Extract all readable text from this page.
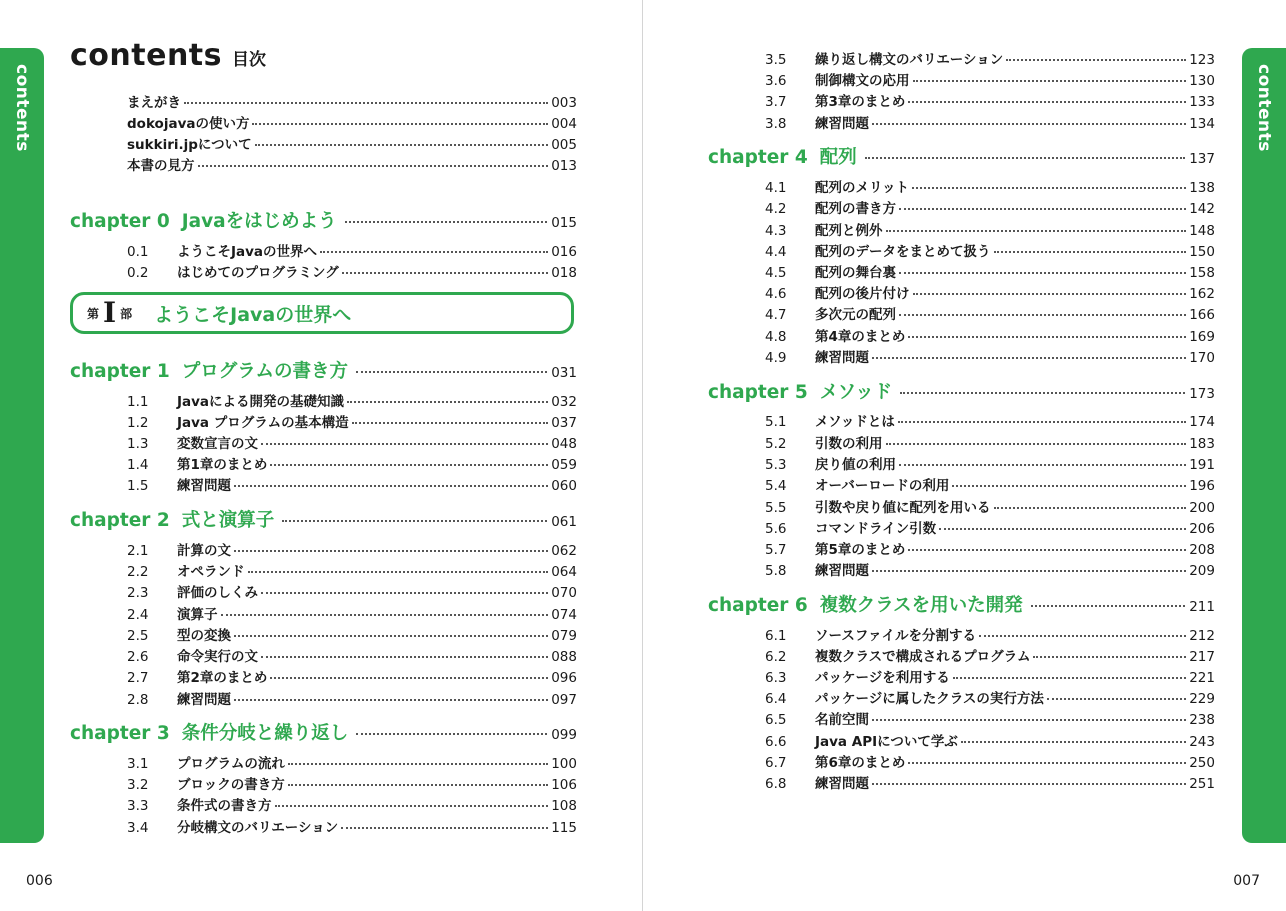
contents
contents 目次
まえがき	003
dokojavaの使い方	004
sukkiri.jpについて	005
本書の見方	013
chapter 0 Javaをはじめよう	015
0.1	ようこそJavaの世界へ	016
0.2	はじめてのプログラミング	018
第 I 部 ようこそJavaの世界へ
chapter 1 プログラムの書き方	031
1.1	Javaによる開発の基礎知識	032
1.2	Java プログラムの基本構造	037
1.3	変数宣言の文	048
1.4	第1章のまとめ	059
1.5	練習問題	060
chapter 2 式と演算子	061
2.1	計算の文	062
2.2	オペランド	064
2.3	評価のしくみ	070
2.4	演算子	074
2.5	型の変換	079
2.6	命令実行の文	088
2.7	第2章のまとめ	096
2.8	練習問題	097
chapter 3 条件分岐と繰り返し	099
3.1	プログラムの流れ	100
3.2	ブロックの書き方	106
3.3	条件式の書き方	108
3.4	分岐構文のバリエーション	115
006
contents
3.5	繰り返し構文のバリエーション	123
3.6	制御構文の応用	130
3.7	第3章のまとめ	133
3.8	練習問題	134
chapter 4 配列	137
4.1	配列のメリット	138
4.2	配列の書き方	142
4.3	配列と例外	148
4.4	配列のデータをまとめて扱う	150
4.5	配列の舞台裏	158
4.6	配列の後片付け	162
4.7	多次元の配列	166
4.8	第4章のまとめ	169
4.9	練習問題	170
chapter 5 メソッド	173
5.1	メソッドとは	174
5.2	引数の利用	183
5.3	戻り値の利用	191
5.4	オーバーロードの利用	196
5.5	引数や戻り値に配列を用いる	200
5.6	コマンドライン引数	206
5.7	第5章のまとめ	208
5.8	練習問題	209
chapter 6 複数クラスを用いた開発	211
6.1	ソースファイルを分割する	212
6.2	複数クラスで構成されるプログラム	217
6.3	パッケージを利用する	221
6.4	パッケージに属したクラスの実行方法	229
6.5	名前空間	238
6.6	Java APIについて学ぶ	243
6.7	第6章のまとめ	250
6.8	練習問題	251
007
